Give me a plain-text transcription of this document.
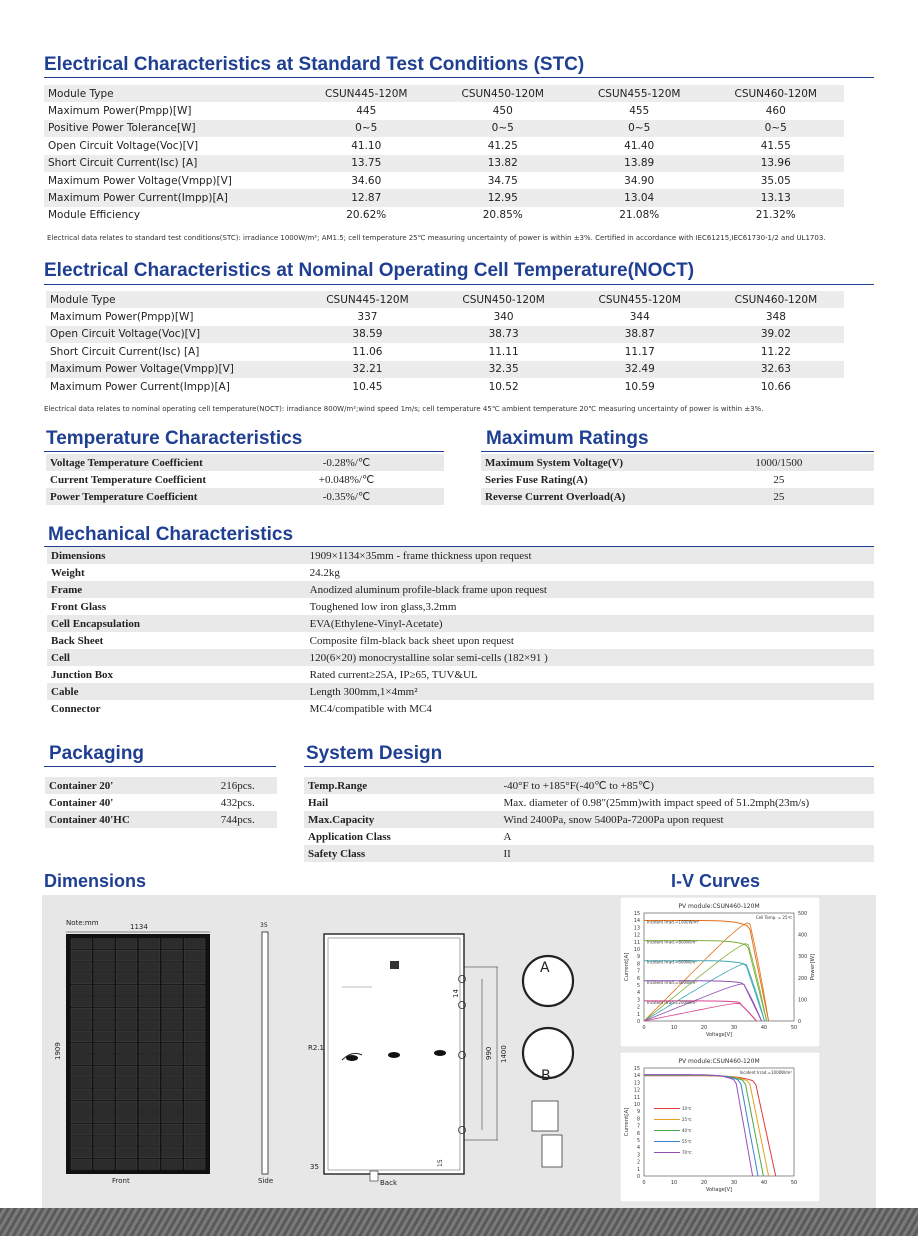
Electrical Characteristics at Standard Test Conditions (STC)
Module Type	CSUN445-120M	CSUN450-120M	CSUN455-120M	CSUN460-120M
Maximum Power(Pmpp)[W]	445	450	455	460
Positive Power Tolerance[W]	0~5	0~5	0~5	0~5
Open Circuit Voltage(Voc)[V]	41.10	41.25	41.40	41.55
Short Circuit Current(Isc) [A]	13.75	13.82	13.89	13.96
Maximum Power Voltage(Vmpp)[V]	34.60	34.75	34.90	35.05
Maximum Power Current(Impp)[A]	12.87	12.95	13.04	13.13
Module Efficiency	20.62%	20.85%	21.08%	21.32%
Electrical data relates to standard test conditions(STC): irradiance 1000W/m²; AM1.5; cell temperature 25℃ measuring uncertainty of power is within ±3%. Certified in accordance with IEC61215,IEC61730-1/2 and UL1703.
Electrical Characteristics at Nominal Operating Cell Temperature(NOCT)
Module Type	CSUN445-120M	CSUN450-120M	CSUN455-120M	CSUN460-120M
Maximum Power(Pmpp)[W]	337	340	344	348
Open Circuit Voltage(Voc)[V]	38.59	38.73	38.87	39.02
Short Circuit Current(Isc) [A]	11.06	11.11	11.17	11.22
Maximum Power Voltage(Vmpp)[V]	32.21	32.35	32.49	32.63
Maximum Power Current(Impp)[A]	10.45	10.52	10.59	10.66
Electrical data relates to nominal operating cell temperature(NOCT): irradiance 800W/m²;wind speed 1m/s; cell temperature 45℃ ambient temperature 20℃ measuring uncertainty of power is within ±3%.
Temperature Characteristics
Voltage Temperature Coefficient	-0.28%/℃
Current Temperature Coefficient	+0.048%/℃
Power Temperature Coefficient	-0.35%/℃
Maximum Ratings
Maximum System Voltage(V)	1000/1500
Series Fuse Rating(A)	25
Reverse Current Overload(A)	25
Mechanical Characteristics
Dimensions	1909×1134×35mm - frame thickness upon request
Weight	24.2kg
Frame	Anodized aluminum profile-black frame upon request
Front Glass	Toughened low iron glass,3.2mm
Cell Encapsulation	EVA(Ethylene-Vinyl-Acetate)
Back Sheet	Composite film-black back sheet upon request
Cell	120(6×20) monocrystalline solar semi-cells (182×91 )
Junction Box	Rated current≥25A, IP≥65, TUV&UL
Cable	Length 300mm,1×4mm²
Connector	MC4/compatible with MC4
Packaging
Container 20'	216pcs.
Container 40'	432pcs.
Container 40'HC	744pcs.
System Design
Temp.Range	-40°F to +185°F(-40℃ to +85℃)
Hail	Max. diameter of 0.98"(25mm)with impact speed of 51.2mph(23m/s)
Max.Capacity	Wind 2400Pa, snow 5400Pa-7200Pa upon request
Application Class	A
Safety Class	II
Dimensions
Note:mm	1134
1909
Front
35
Side
R2.1	990 1400
14
15
35
Back
A
B
I-V Curves
PV module:CSUN460-120M
0
1
2
3
4
5
6
7
8
9
10
11
12
13
14
15
0	10	20	30	40	50
Voltage[V]
Current[A]
0
100
200
300
400
500
Power[W]
Cell Temp. = 25℃
Incident Irrad.=1000W/m²
Incident Irrad.=800W/m²
Incident Irrad.=600W/m²
Incident Irrad.=400W/m²
Incident Irrad.=200W/m²
PV module:CSUN460-120M
0
1
2
3
4
5
6
7
8
9
10
11
12
13
14
15
0	10	20	30	40	50
Voltage[V]
Current[A]
Incident Irrad.=1000W/m²
10℃
25℃
40℃
55℃
70℃
